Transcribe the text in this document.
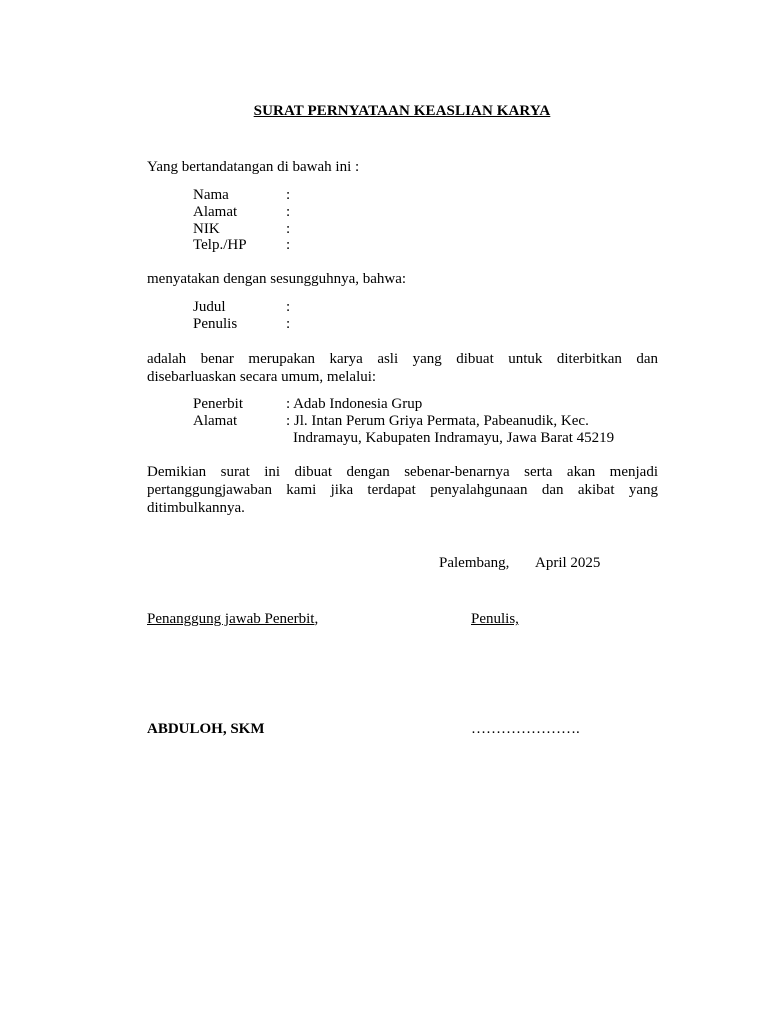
SURAT PERNYATAAN KEASLIAN KARYA
Yang bertandatangan di bawah ini :
Nama	:
Alamat	:
NIK	:
Telp./HP	:
menyatakan dengan sesungguhnya, bahwa:
Judul	:
Penulis	:
adalah benar merupakan karya asli yang dibuat untuk diterbitkan dan
disebarluaskan secara umum, melalui:
Penerbit	: Adab Indonesia Grup
Alamat	: Jl. Intan Perum Griya Permata, Pabeanudik, Kec.
Indramayu, Kabupaten Indramayu, Jawa Barat 45219
Demikian surat ini dibuat dengan sebenar-benarnya serta akan menjadi
pertanggungjawaban kami jika terdapat penyalahgunaan dan akibat yang
ditimbulkannya.
Palembang, April 2025
Penanggung jawab Penerbit,	Penulis,
ABDULOH, SKM	………………….
